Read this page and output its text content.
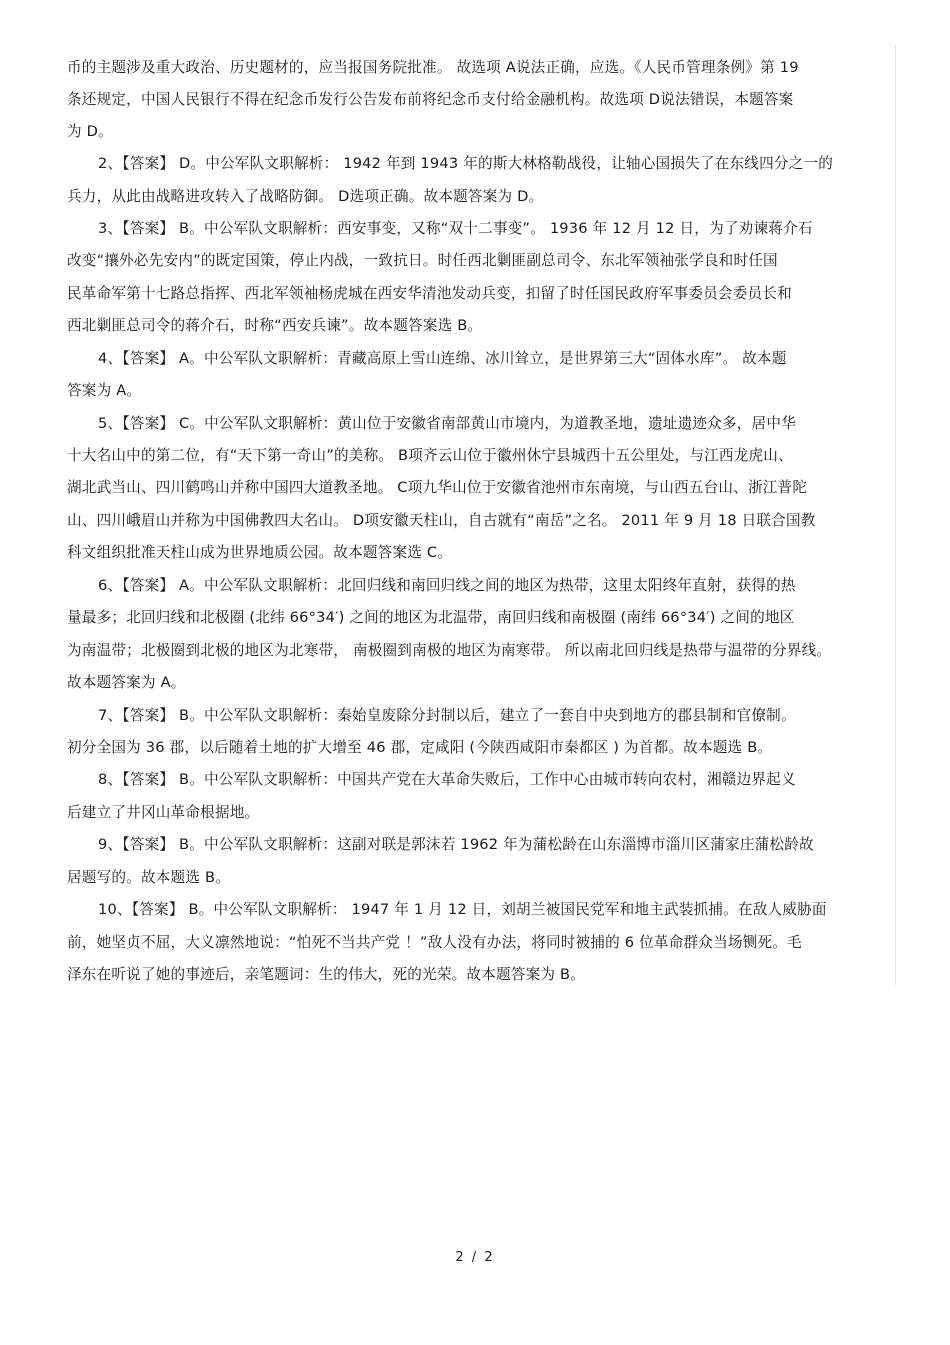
币的主题涉及重大政治、历史题材的，应当报国务院批准。 故选项 A说法正确，应选。《人民币管理条例》第 19
条还规定，中国人民银行不得在纪念币发行公告发布前将纪念币支付给金融机构。故选项 D说法错误，本题答案
为 D。
2、【答案】 D。中公军队文职解析： 1942 年到 1943 年的斯大林格勒战役，让轴心国损失了在东线四分之一的
兵力，从此由战略进攻转入了战略防御。 D选项正确。故本题答案为 D。
3、【答案】 B。中公军队文职解析：西安事变，又称“双十二事变”。 1936 年 12 月 12 日，为了劝谏蒋介石
改变“攘外必先安内”的既定国策，停止内战，一致抗日。时任西北剿匪副总司令、东北军领袖张学良和时任国
民革命军第十七路总指挥、西北军领袖杨虎城在西安华清池发动兵变，扣留了时任国民政府军事委员会委员长和
西北剿匪总司令的蒋介石，时称“西安兵谏”。故本题答案选 B。
4、【答案】 A。中公军队文职解析：青藏高原上雪山连绵、冰川耸立，是世界第三大“固体水库”。 故本题
答案为 A。
5、【答案】 C。中公军队文职解析：黄山位于安徽省南部黄山市境内，为道教圣地，遗址遗迹众多，居中华
十大名山中的第二位，有“天下第一奇山”的美称。 B项齐云山位于徽州休宁县城西十五公里处，与江西龙虎山、
湖北武当山、四川鹤鸣山并称中国四大道教圣地。 C项九华山位于安徽省池州市东南境，与山西五台山、浙江普陀
山、四川峨眉山并称为中国佛教四大名山。 D项安徽天柱山，自古就有“南岳”之名。 2011 年 9 月 18 日联合国教
科文组织批准天柱山成为世界地质公园。故本题答案选 C。
6、【答案】 A。中公军队文职解析：北回归线和南回归线之间的地区为热带，这里太阳终年直射，获得的热
量最多；北回归线和北极圈 (北纬 66°34′) 之间的地区为北温带，南回归线和南极圈 (南纬 66°34′) 之间的地区
为南温带；北极圈到北极的地区为北寒带， 南极圈到南极的地区为南寒带。 所以南北回归线是热带与温带的分界线。
故本题答案为 A。
7、【答案】 B。中公军队文职解析：秦始皇废除分封制以后，建立了一套自中央到地方的郡县制和官僚制。
初分全国为 36 郡，以后随着土地的扩大增至 46 郡，定咸阳 (今陕西咸阳市秦都区 ) 为首都。故本题选 B。
8、【答案】 B。中公军队文职解析：中国共产党在大革命失败后，工作中心由城市转向农村，湘赣边界起义
后建立了井冈山革命根据地。
9、【答案】 B。中公军队文职解析：这副对联是郭沫若 1962 年为蒲松龄在山东淄博市淄川区蒲家庄蒲松龄故
居题写的。故本题选 B。
10、【答案】 B。中公军队文职解析： 1947 年 1 月 12 日，刘胡兰被国民党军和地主武装抓捕。在敌人威胁面
前，她坚贞不屈，大义凛然地说：“怕死不当共产党 ！”敌人没有办法，将同时被捕的 6 位革命群众当场铡死。毛
泽东在听说了她的事迹后，亲笔题词：生的伟大，死的光荣。故本题答案为 B。
2 / 2
